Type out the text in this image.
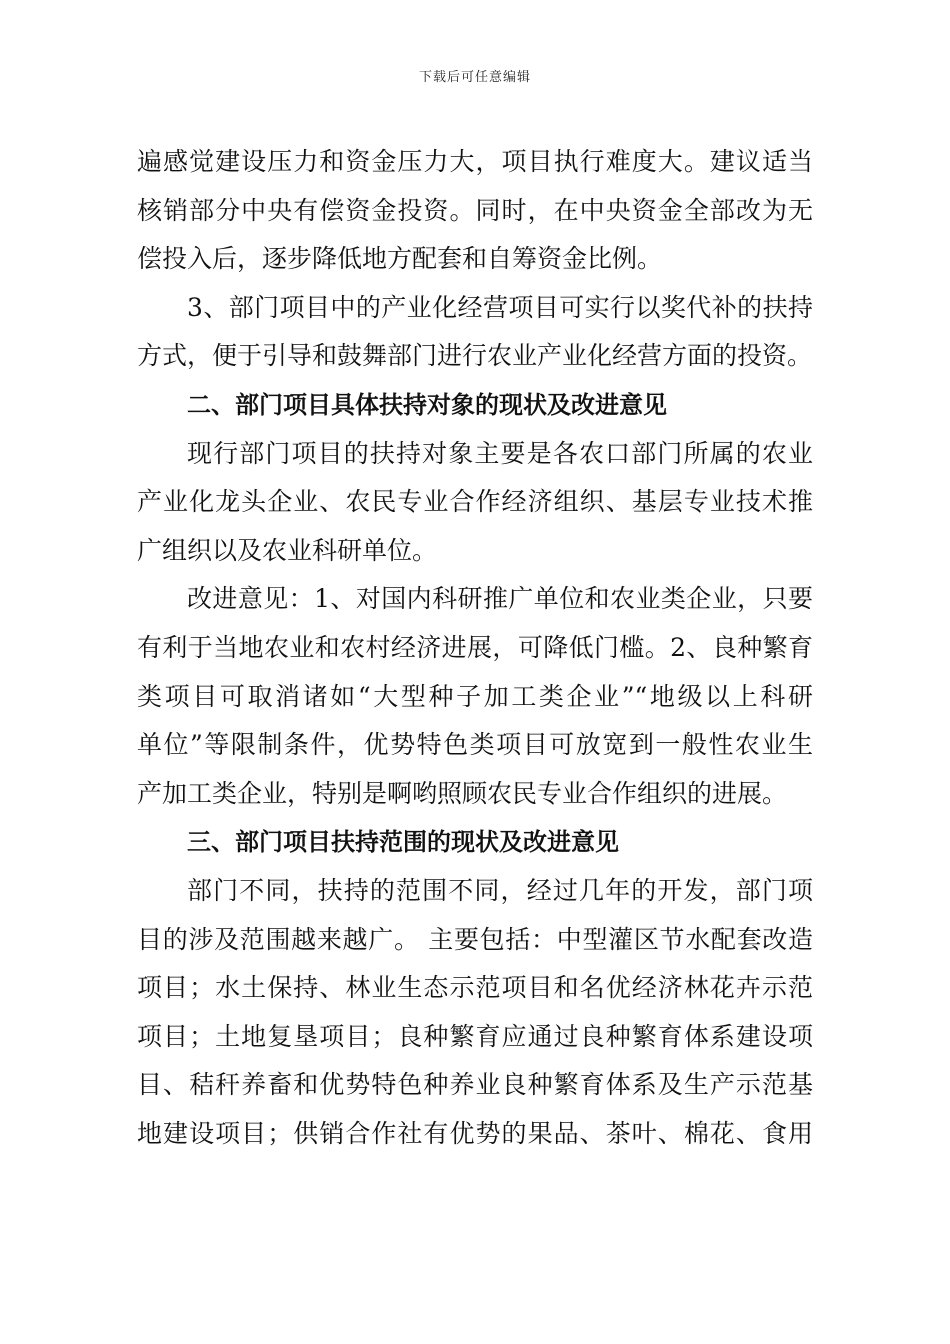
下载后可任意编辑
遍感觉建设压力和资金压力大，项目执行难度大。建议适当
核销部分中央有偿资金投资。同时，在中央资金全部改为无
偿投入后，逐步降低地方配套和自筹资金比例。
3、部门项目中的产业化经营项目可实行以奖代补的扶持
方式，便于引导和鼓舞部门进行农业产业化经营方面的投资。
二、部门项目具体扶持对象的现状及改进意见
现行部门项目的扶持对象主要是各农口部门所属的农业
产业化龙头企业、农民专业合作经济组织、基层专业技术推
广组织以及农业科研单位。
改进意见：1、对国内科研推广单位和农业类企业，只要
有利于当地农业和农村经济进展，可降低门槛。2、良种繁育
类项目可取消诸如“大型种子加工类企业”“地级以上科研
单位”等限制条件，优势特色类项目可放宽到一般性农业生
产加工类企业，特别是啊哟照顾农民专业合作组织的进展。
三、部门项目扶持范围的现状及改进意见
部门不同，扶持的范围不同，经过几年的开发，部门项
目的涉及范围越来越广。 主要包括：中型灌区节水配套改造
项目；水土保持、林业生态示范项目和名优经济林花卉示范
项目；土地复垦项目；良种繁育应通过良种繁育体系建设项
目、秸秆养畜和优势特色种养业良种繁育体系及生产示范基
地建设项目；供销合作社有优势的果品、茶叶、棉花、食用
